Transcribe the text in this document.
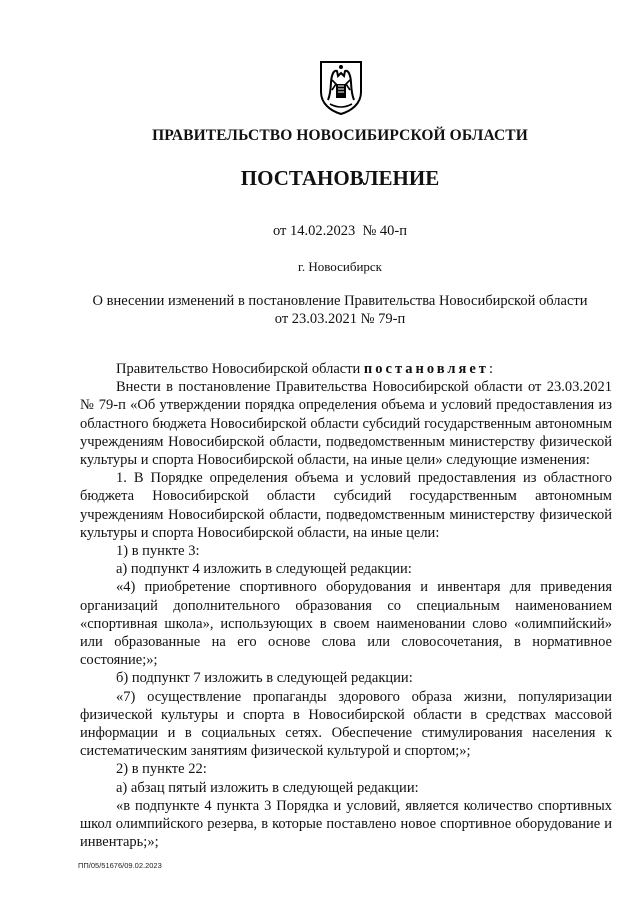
ПРАВИТЕЛЬСТВО НОВОСИБИРСКОЙ ОБЛАСТИ
ПОСТАНОВЛЕНИЕ
от 14.02.2023  № 40-п
г. Новосибирск
О внесении изменений в постановление Правительства Новосибирской области
от 23.03.2021 № 79-п

Правительство Новосибирской области постановляет:

Внести в постановление Правительства Новосибирской области от 23.03.2021 № 79-п «Об утверждении порядка определения объема и условий предоставления из областного бюджета Новосибирской области субсидий государственным автономным учреждениям Новосибирской области, подведомственным министерству физической культуры и спорта Новосибирской области, на иные цели» следующие изменения:

1. В Порядке определения объема и условий предоставления из областного бюджета Новосибирской области субсидий государственным автономным учреждениям Новосибирской области, подведомственным министерству физической культуры и спорта Новосибирской области, на иные цели:

1) в пункте 3:

а) подпункт 4 изложить в следующей редакции:

«4) приобретение спортивного оборудования и инвентаря для приведения организаций дополнительного образования со специальным наименованием «спортивная школа», использующих в своем наименовании слово «олимпийский» или образованные на его основе слова или словосочетания, в нормативное состояние;»;

б) подпункт 7 изложить в следующей редакции:

«7) осуществление пропаганды здорового образа жизни, популяризации физической культуры и спорта в Новосибирской области в средствах массовой информации и в социальных сетях. Обеспечение стимулирования населения к систематическим занятиям физической культурой и спортом;»;

2) в пункте 22:

а) абзац пятый изложить в следующей редакции:

«в подпункте 4 пункта 3 Порядка и условий, является количество спортивных школ олимпийского резерва, в которые поставлено новое спортивное оборудование и инвентарь;»;

ПП/05/51676/09.02.2023
